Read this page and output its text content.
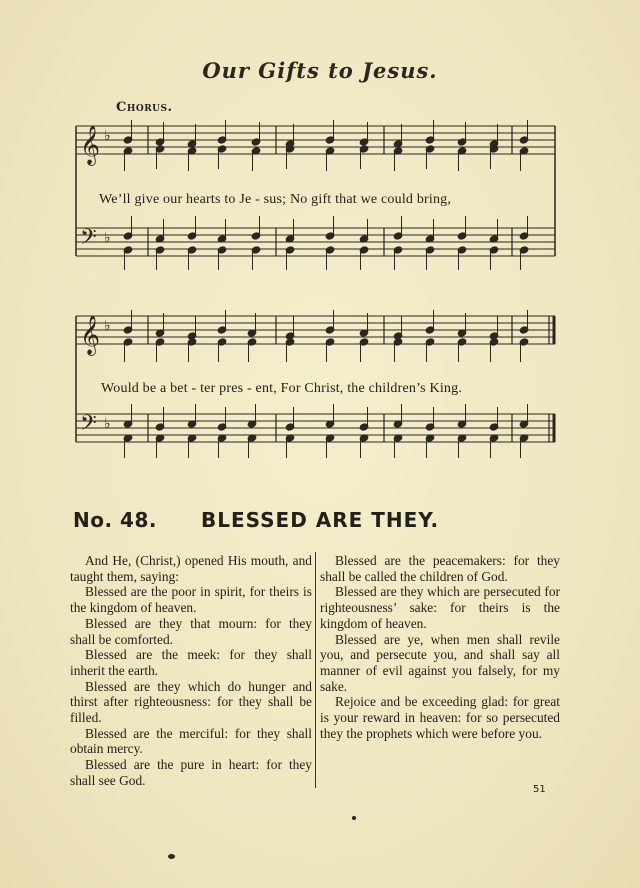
Our Gifts to Jesus.
Chorus.
𝄞
𝄢
𝄞
𝄢
♭
♭
♭
♭
We’ll give our hearts to Je - sus; No gift that we could bring,
Would be a bet - ter pres - ent, For Christ, the children’s King.
No. 48. BLESSED ARE THEY.

And He, (Christ,) opened His mouth, and taught them, saying:

Blessed are the poor in spirit, for theirs is the kingdom of heaven.

Blessed are they that mourn: for they shall be comforted.

Blessed are the meek: for they shall inherit the earth.

Blessed are they which do hunger and thirst after righteousness: for they shall be filled.

Blessed are the merciful: for they shall obtain mercy.

Blessed are the pure in heart: for they shall see God.

Blessed are the peacemakers: for they shall be called the children of God.

Blessed are they which are persecuted for righteousness’ sake: for theirs is the kingdom of heaven.

Blessed are ye, when men shall revile you, and persecute you, and shall say all manner of evil against you falsely, for my sake.

Rejoice and be exceeding glad: for great is your reward in heaven: for so persecuted they the prophets which were before you.

51
